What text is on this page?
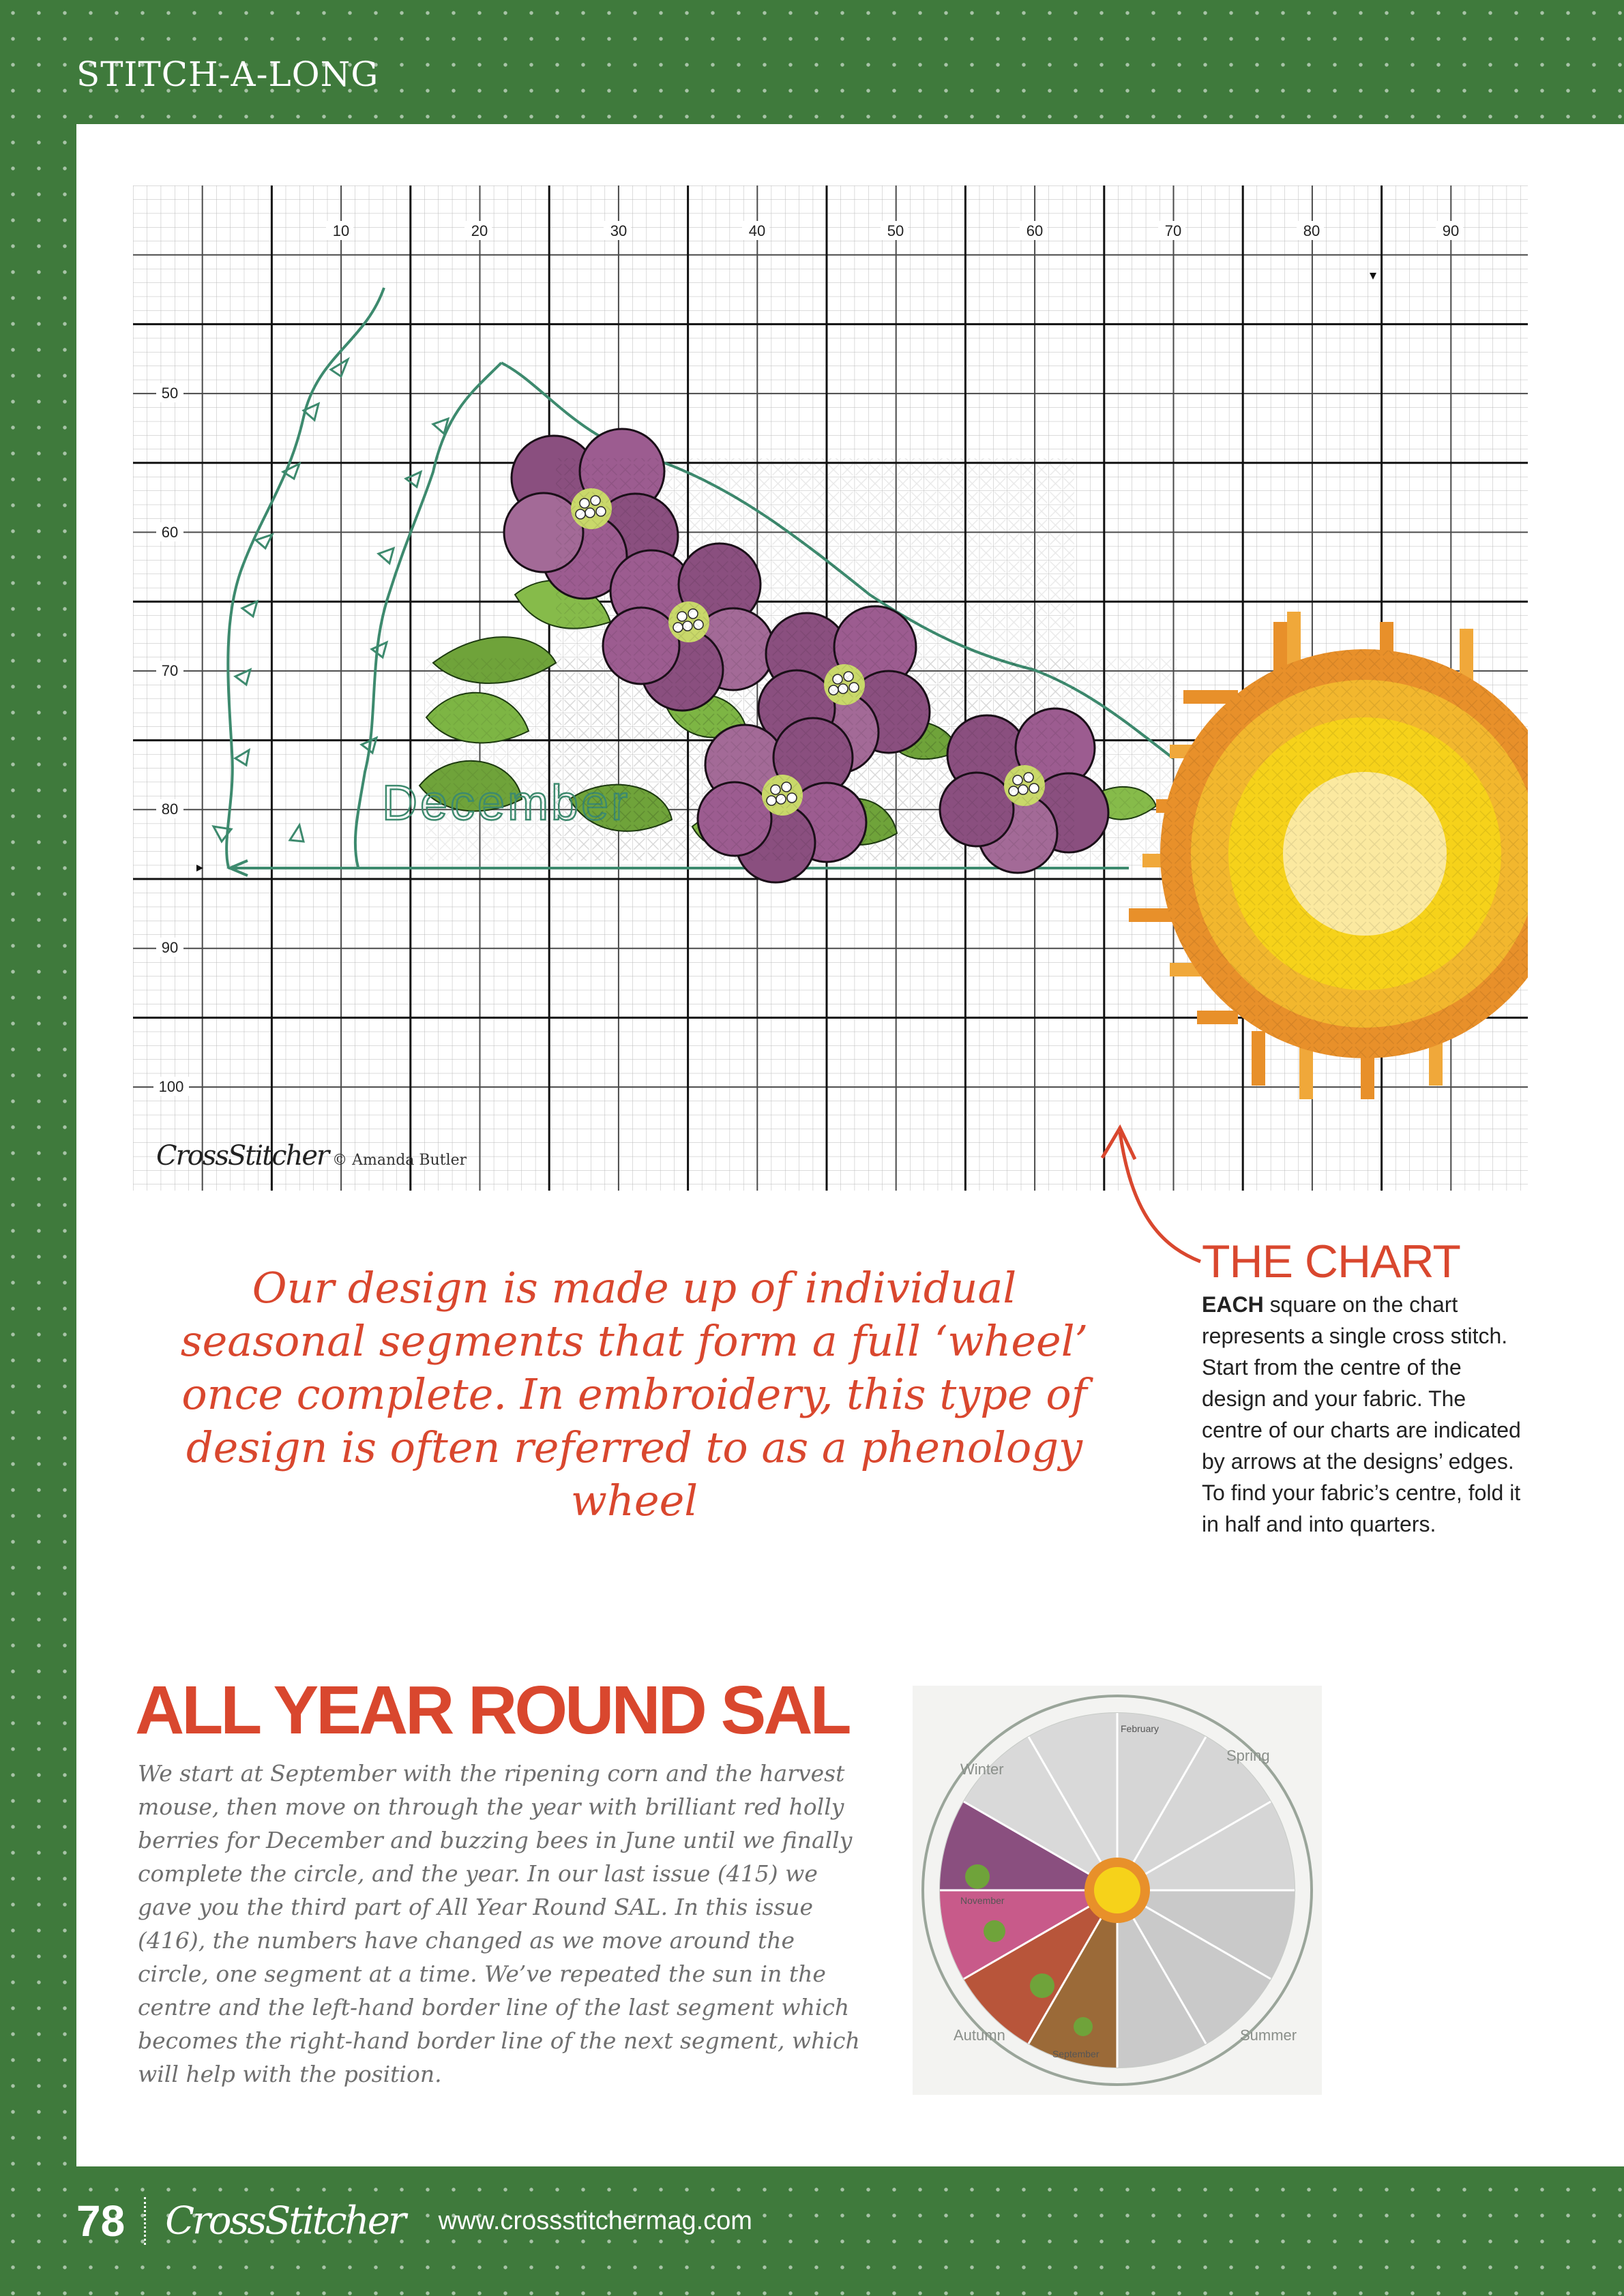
STITCH-A-LONG
10	20	30	40	50	60	70	80	90
50
60
70
80
90
100
December
CrossStitcher © Amanda Butler
Our design is made up of individual seasonal segments that form a full ‘wheel’ once complete. In embroidery, this type of design is often referred to as a phenology wheel
THE CHART
EACH square on the chart represents a single cross stitch. Start from the centre of the design and your fabric. The centre of our charts are indicated by arrows at the designs’ edges. To find your fabric’s centre, fold it in half and into quarters.
ALL YEAR ROUND SAL
We start at September with the ripening corn and the harvest mouse, then move on through the year with brilliant red holly berries for December and buzzing bees in June until we finally complete the circle, and the year. In our last issue (415) we gave you the third part of All Year Round SAL. In this issue (416), the numbers have changed as we move around the circle, one segment at a time. We’ve repeated the sun in the centre and the left-hand border line of the last segment which becomes the right-hand border line of the next segment, which will help with the position.
Winter
Spring
Summer
Autumn
February
November
September
78 CrossStitcher www.crossstitchermag.com
